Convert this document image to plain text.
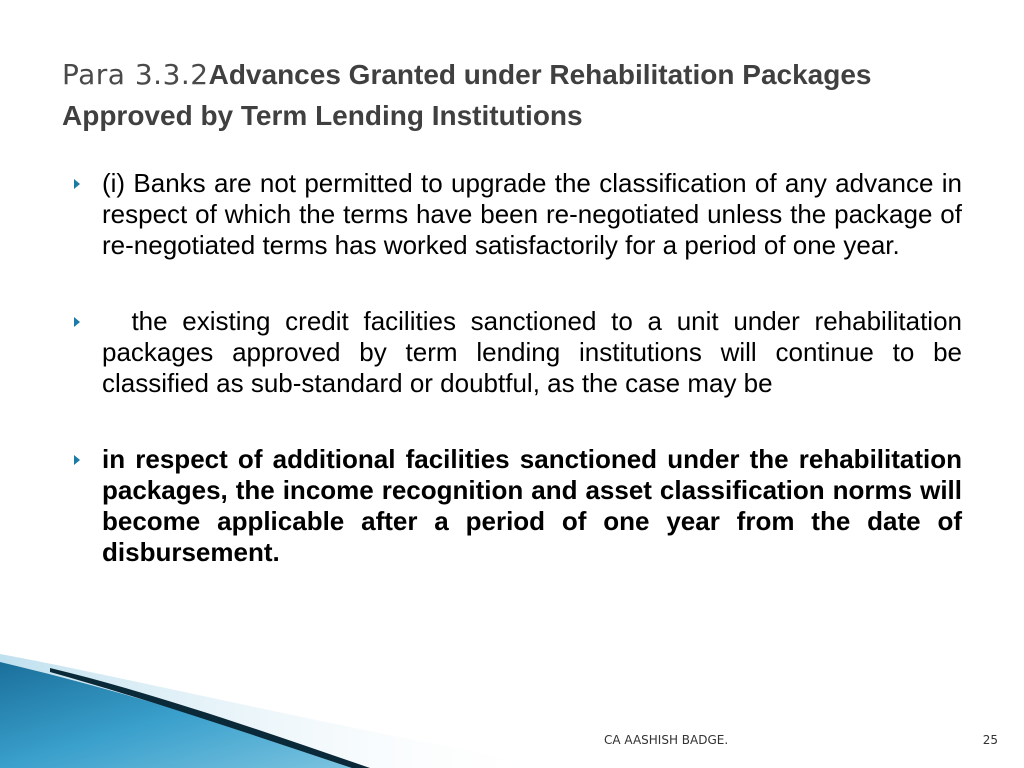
Para 3.3.2Advances Granted under Rehabilitation Packages Approved by Term Lending Institutions
(i) Banks are not permitted to upgrade the classification of any advance in respect of which the terms have been re-negotiated unless the package of re-negotiated terms has worked satisfactorily for a period of one year.
the existing credit facilities sanctioned to a unit under rehabilitation packages approved by term lending institutions will continue to be classified as sub-standard or doubtful, as the case may be
in respect of additional facilities sanctioned under the rehabilitation packages, the income recognition and asset classification norms will become applicable after a period of one year from the date of disbursement.
CA AASHISH BADGE.	25
